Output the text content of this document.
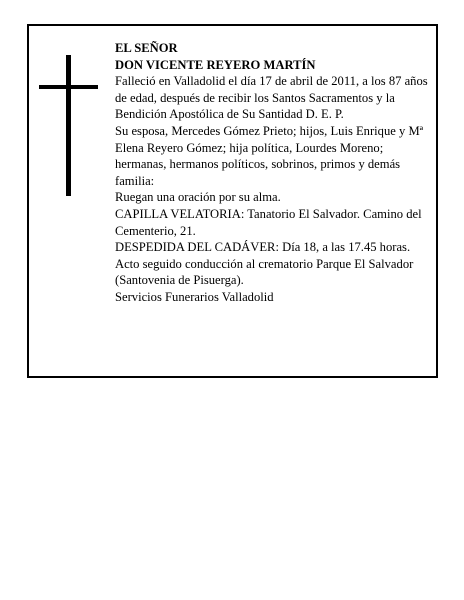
EL SEÑOR

DON VICENTE REYERO MARTÍN

Falleció en Valladolid el día 17 de abril de 2011, a los 87 años de edad, después de recibir los Santos Sacramentos y la Bendición Apostólica de Su Santidad D. E. P.

Su esposa, Mercedes Gómez Prieto; hijos, Luis Enrique y Mª Elena Reyero Gómez; hija política, Lourdes Moreno; hermanas, hermanos políticos, sobrinos, primos y demás familia:

Ruegan una oración por su alma.

CAPILLA VELATORIA: Tanatorio El Salvador. Camino del Cementerio, 21.

DESPEDIDA DEL CADÁVER: Día 18, a las 17.45 horas. Acto seguido conducción al crematorio Parque El Salvador (Santovenia de Pisuerga).

Servicios Funerarios Valladolid
